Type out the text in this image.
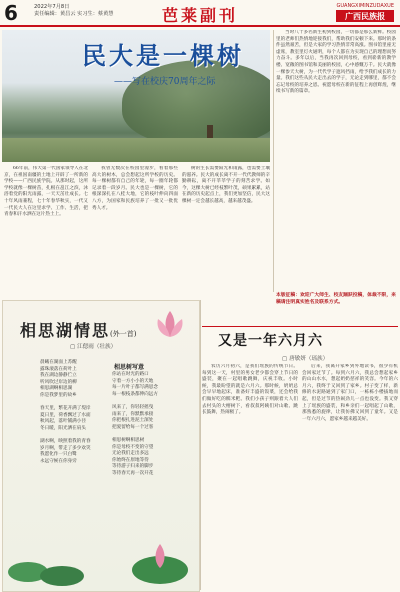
6	2022年7月8日
责任编辑：黄昌云 实习生：蔡黄慧	芭莱副刊	GUANGXIMINZUDAXUE
广西民族报
民大是一棵树
——写在校庆70周年之际

66年前，伟大第一代国家领导人在北京，在祖国南疆的土地上开辟了一所新的学校——广西民族学院。从那时起，这所学校就像一棵树苗，扎根在邕江之滨，沐浴着党的阳光雨露，一天天茁壮成长。七十年风雨兼程，七十年春华秋实，一代又一代民大人在这里求学、工作、生活，把青春和汗水洒在这片热土上。

我曾无数次在校园里漫步，看着那些高大的树木，总会想起这所学校的历史。每一棵树都有自己的年轮，每一圈年轮都记录着一段岁月。民大也是一棵树，它的根深深扎在八桂大地，它的枝叶伸向四面八方，为国家和民族培养了一批又一批优秀人才。

树的生长需要阳光和雨露，也需要土壤的滋养。民大的成长离不开一代代教师的辛勤耕耘，离不开莘莘学子的刻苦求学。如今，这棵大树已经枝繁叶茂，硕果累累，站在新的历史起点上，我们更加坚信，民大这棵树一定会越长越高，越来越茂盛。

当时八十多名新生初到校园，一切都是那么新鲜。校园里的老师们热情地迎接我们，帮助我们安顿下来。那时的条件虽然艰苦，但是大家的学习热情非常高涨。图书馆里座无虚席，教室里灯火通明，每个人都在为实现自己的理想而努力奋斗。多年以后，当我再次回到母校，看到崭新的教学楼、宽敞的图书馆和美丽的校园，心中感慨万千。民大就像一棵参天大树，为一代代学子遮风挡雨，给予我们成长的力量。我们这些从民大走出去的学子，无论走到哪里，都不会忘记母校的培养之恩。祝愿母校在新的征程上再创辉煌，继续书写新的篇章。

本版征稿：欢迎广大师生、校友踊跃投稿，体裁不限，来稿请注明真实姓名及联系方式。
相思湖情思(外一首)
▢ 江偲雨（壮族）
晨曦在湖面上苏醒
露珠滚落在荷叶上
我在湖边静静伫立
听风吹过岸边的柳
相思湖啊相思湖
你是我梦里的故乡

春天里，繁花开满了堤岸
夏日里，荷香飘过了水面
秋风起，落叶铺满小径
冬日暖，阳光洒在肩头

湖水啊，映照着我的青春
岁月啊，带走了多少欢笑
我愿化作一只白鹭
永远守候在你身旁
相思树写意
你站在时光的路口
守着一方小小的天地
每一片叶子都写满思念
每一根枝条都伸向远方

风来了，你轻轻摇曳
雨来了，你默默承接
你把根扎进泥土深处
把爱留给每一个过客

相思树啊相思树
你是母校不变的守望
无论我们走出多远
你始终在原地等待
等待游子归来的脚步
等待春天再一次开花
又是一年六月六
▢ 唐敏妍（瑶族）

农历六月初六，是我们瑶族的传统节日。每到这一天，村里的男女老少都会穿上节日的盛装，聚在一起唱歌跳舞，庆祝丰收。小时候，我最盼望的就是六月六。那时候，奶奶总会早早地起床，准备好丰盛的饭菜，还会给我们做好吃的糯米粑。我们小孩子则跟着大人们去村头的大榕树下，看叔叔阿姨们对山歌、跳长鼓舞，热闹极了。

后来，我离开家乡到外地读书，很少有机会回家过节了。每到六月六，我总会想起家乡的山山水水，想起奶奶慈祥的笑容。今年的六月六，我终于又回到了家乡。村子变了样，新修的水泥路通到了家门口，一栋栋小楼拔地而起，但是过节的热闹劲儿一点也没变。我又穿上了瑶族的盛装，和乡亲们一起唱起了山歌，那熟悉的旋律，让我仿佛又回到了童年。又是一年六月六，愿家乡越来越美好。
